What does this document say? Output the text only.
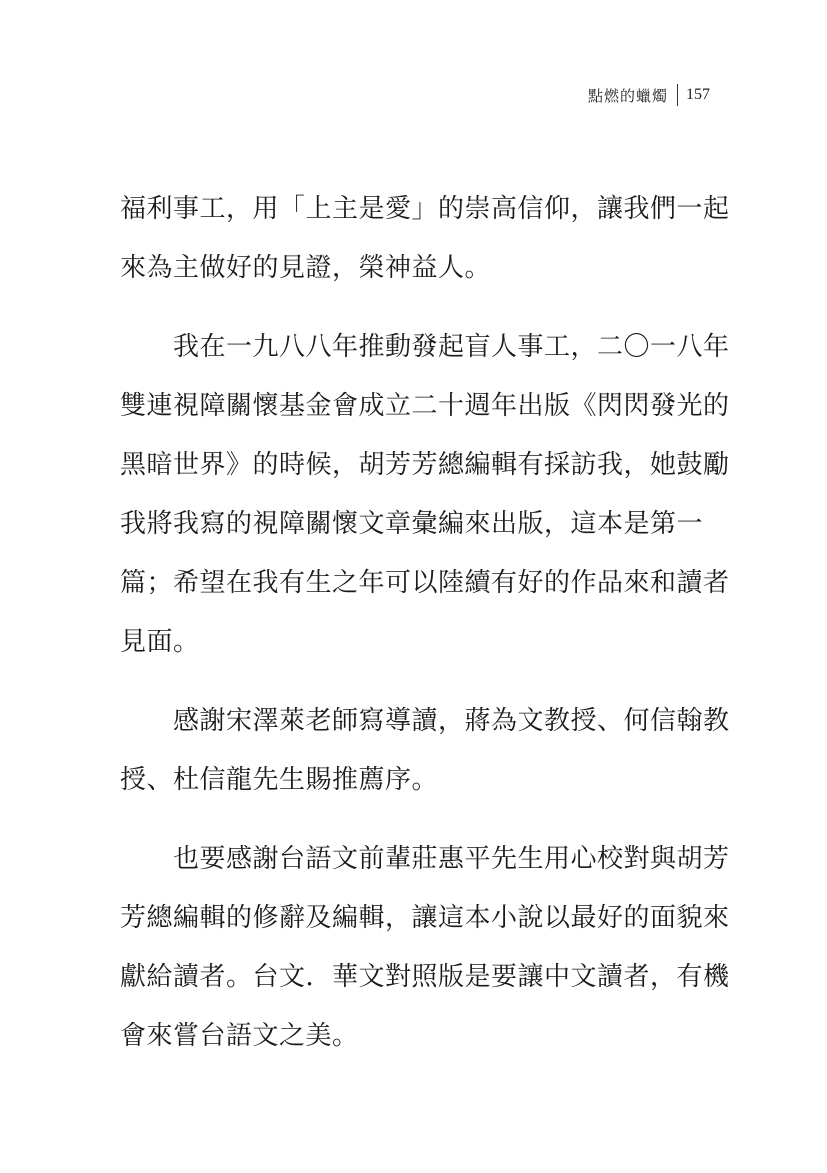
點燃的蠟燭 157
福利事工，用「上主是愛」的崇高信仰，讓我們一起
來為主做好的見證，榮神益人。
　　我在一九八八年推動發起盲人事工，二〇一八年
雙連視障關懷基金會成立二十週年出版《閃閃發光的
黑暗世界》的時候，胡芳芳總編輯有採訪我，她鼓勵
我將我寫的視障關懷文章彙編來出版，這本是第一
篇；希望在我有生之年可以陸續有好的作品來和讀者
見面。
　　感謝宋澤萊老師寫導讀，蔣為文教授、何信翰教
授、杜信龍先生賜推薦序。
　　也要感謝台語文前輩莊惠平先生用心校對與胡芳
芳總編輯的修辭及編輯，讓這本小說以最好的面貌來
獻給讀者。台文．華文對照版是要讓中文讀者，有機
會來嘗台語文之美。
